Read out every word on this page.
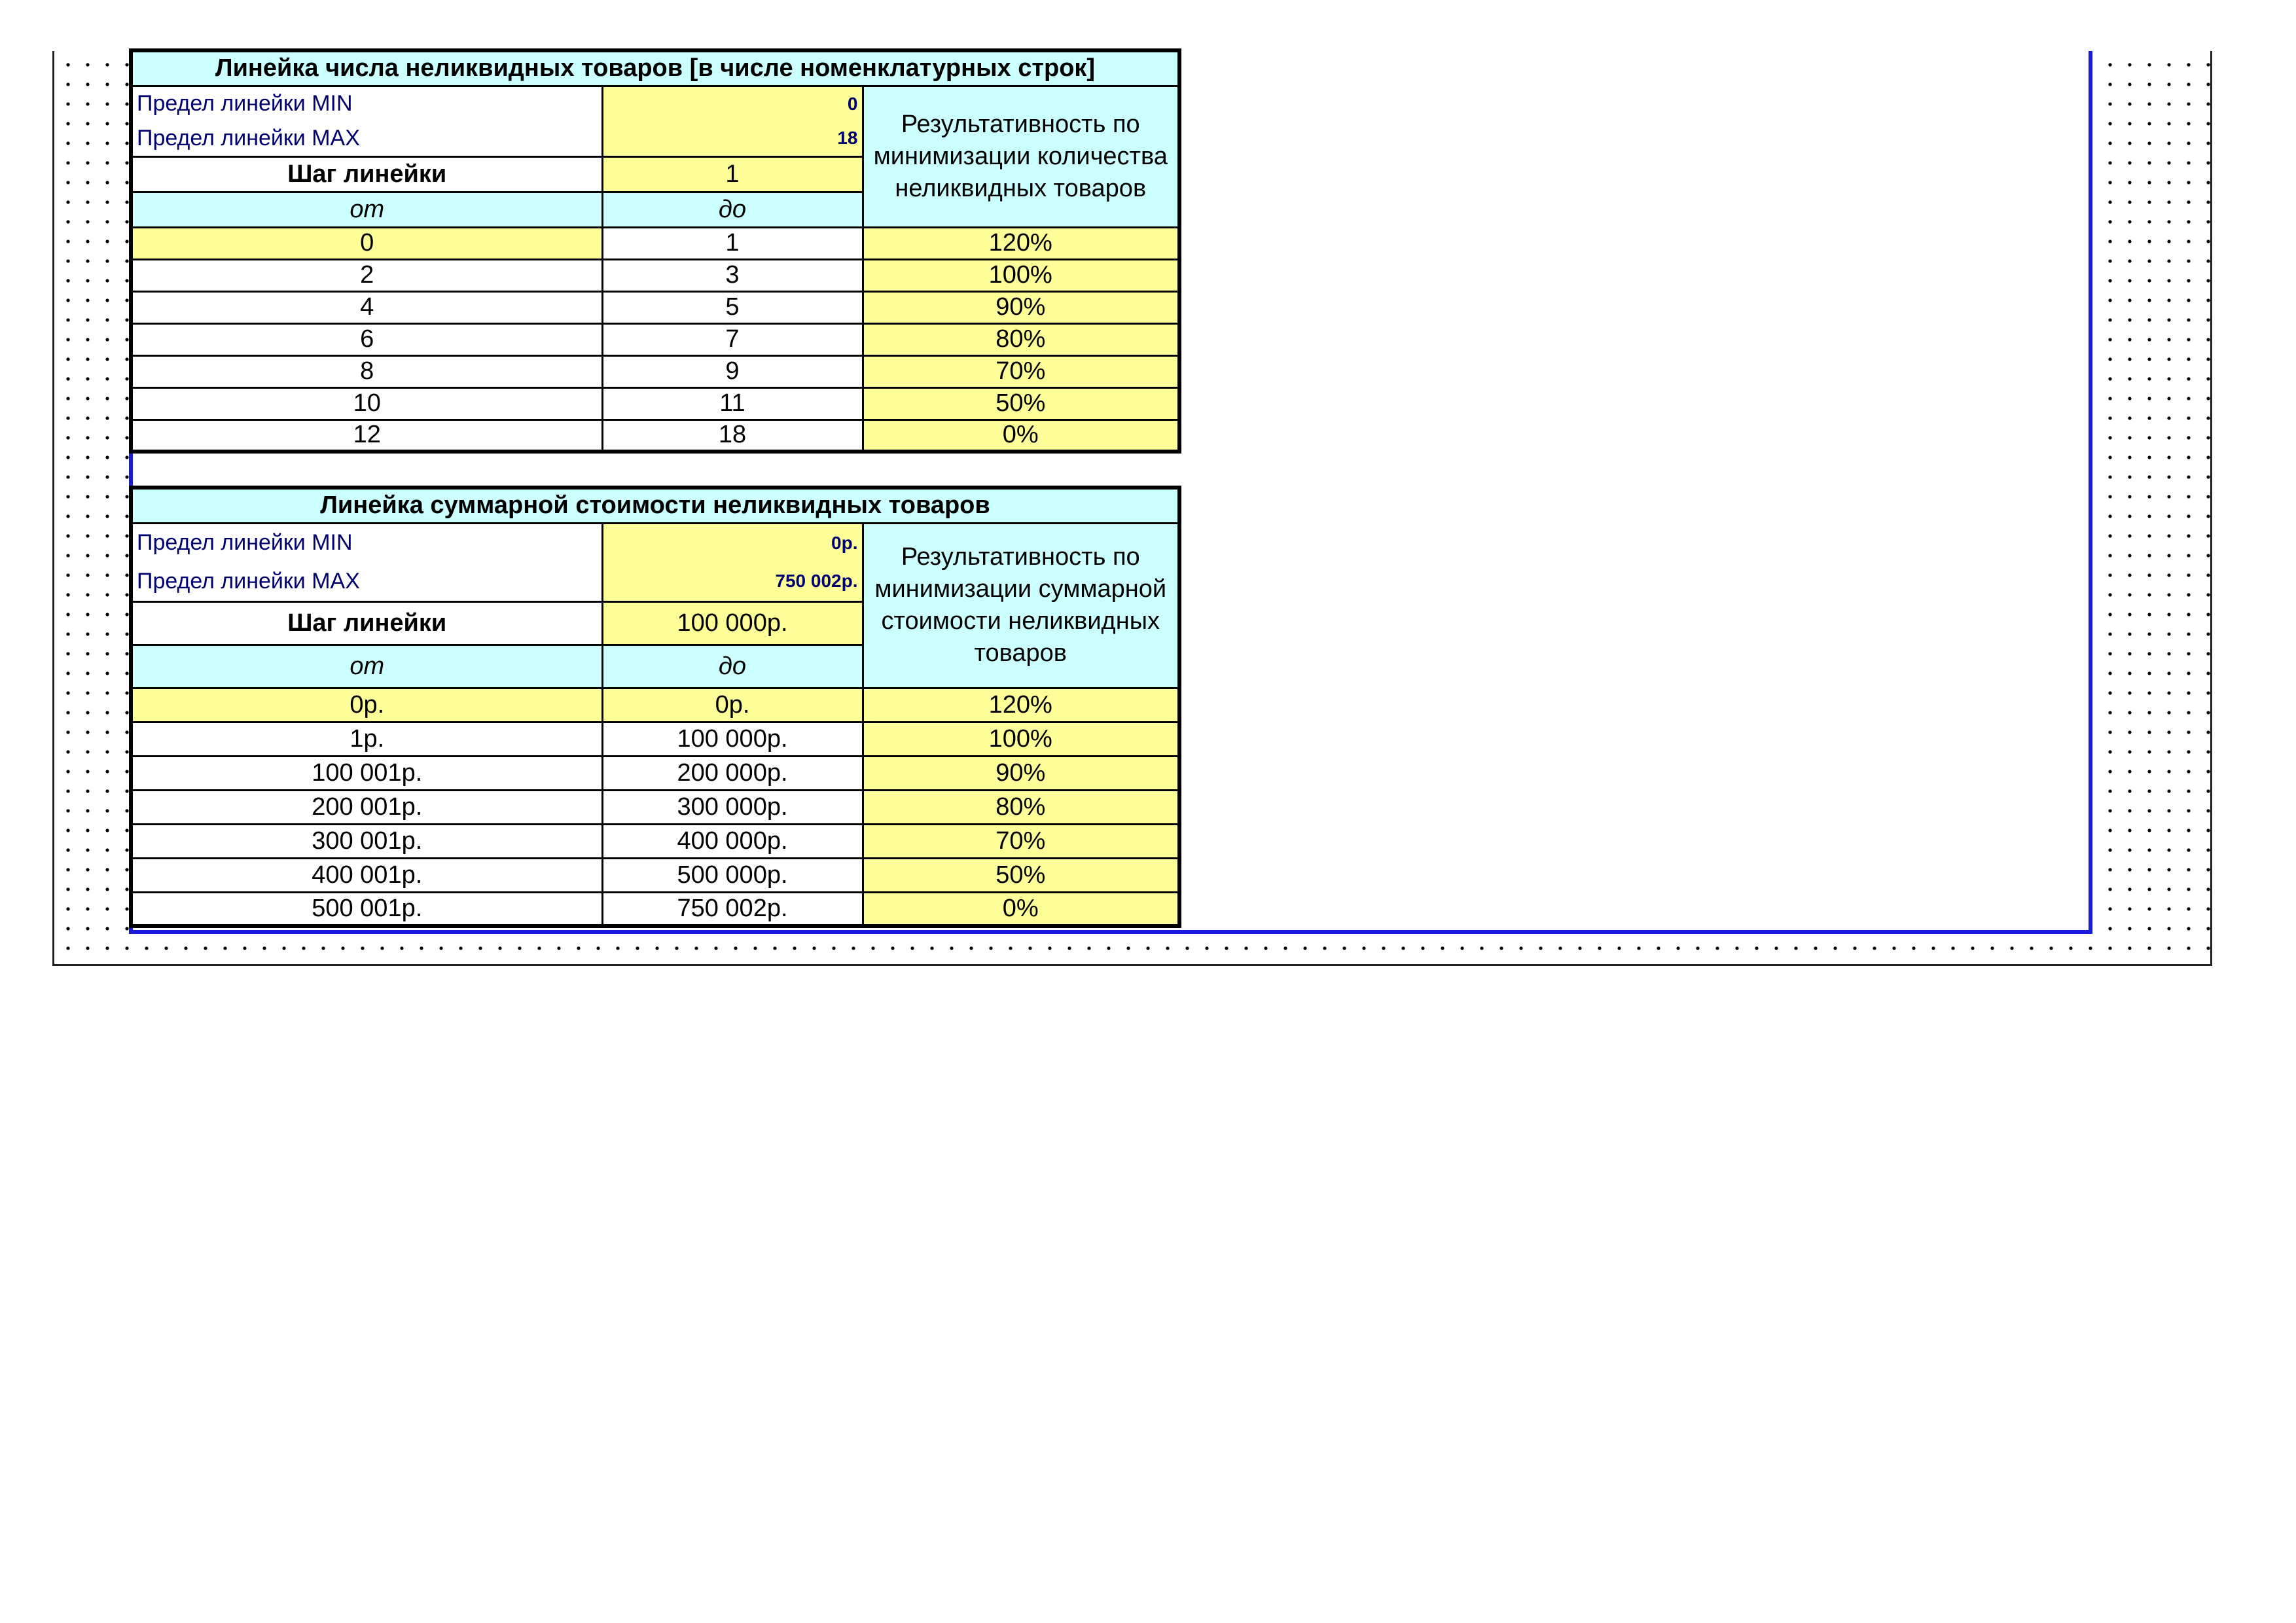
Линейка числа неликвидных товаров [в числе номенклатурных строк]		
Предел линейки MIN	0	Результативность по минимизации количества неликвидных товаров
Предел линейки MAX	18	
Шаг линейки	1	
от	до	
0	1	120%
2	3	100%
4	5	90%
6	7	80%
8	9	70%
10	11	50%
12	18	0%
Линейка суммарной стоимости неликвидных товаров		
Предел линейки MIN	0р.	Результативность по минимизации суммарной стоимости неликвидных товаров
Предел линейки MAX	750 002р.	
Шаг линейки	100 000р.	
от	до	
0р.	0р.	120%
1р.	100 000р.	100%
100 001р.	200 000р.	90%
200 001р.	300 000р.	80%
300 001р.	400 000р.	70%
400 001р.	500 000р.	50%
500 001р.	750 002р.	0%
